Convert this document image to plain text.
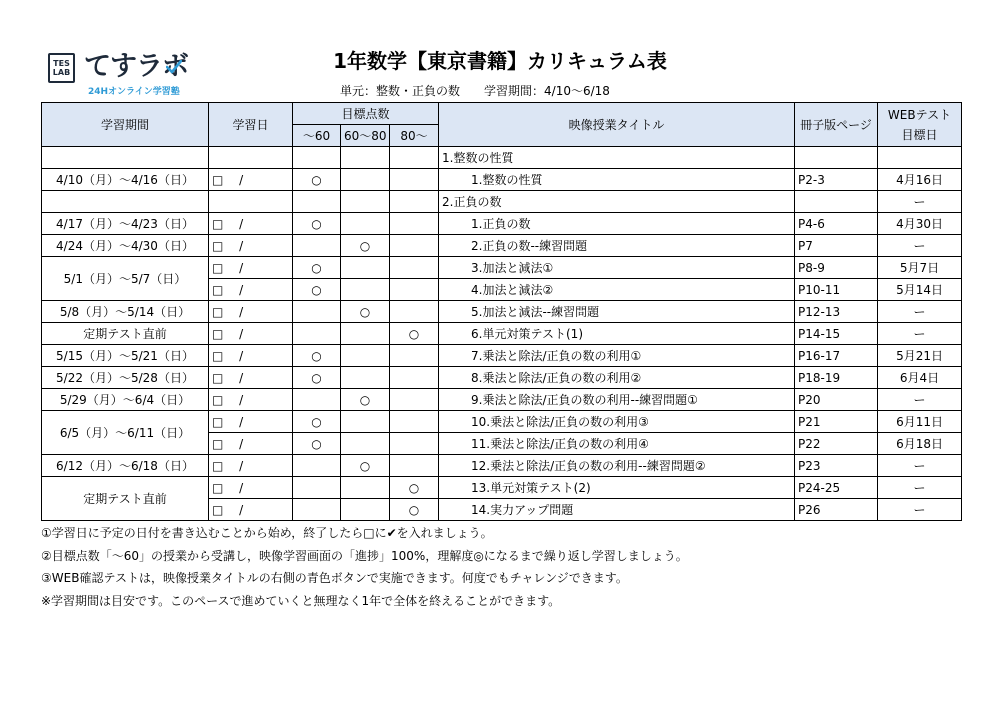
TES LAB てすラボ
24Hオンライン学習塾
1年数学【東京書籍】カリキュラム表
単元：整数・正負の数 学習期間：4/10〜6/18
学習期間	学習日	目標点数			映像授業タイトル	冊子版ページ	WEBテスト
目標日

		〜60	60〜80	80〜			
					1.整数の性質		
4/10（月）〜4/16（日）	□　 /	○			1.整数の性質	P2-3	4月16日
					2.正負の数		ー
4/17（月）〜4/23（日）	□　 /	○			1.正負の数	P4-6	4月30日
4/24（月）〜4/30（日）	□　 /		○		2.正負の数--練習問題	P7	ー
5/1（月）〜5/7（日）	□　 /	○			3.加法と減法①	P8-9	5月7日
	□　 /	○			4.加法と減法②	P10-11	5月14日
5/8（月）〜5/14（日）	□　 /		○		5.加法と減法--練習問題	P12-13	ー
定期テスト直前	□　 /			○	6.単元対策テスト(1)	P14-15	ー
5/15（月）〜5/21（日）	□　 /	○			7.乗法と除法/正負の数の利用①	P16-17	5月21日
5/22（月）〜5/28（日）	□　 /	○			8.乗法と除法/正負の数の利用②	P18-19	6月4日
5/29（月）〜6/4（日）	□　 /		○		9.乗法と除法/正負の数の利用--練習問題①	P20	ー
6/5（月）〜6/11（日）	□　 /	○			10.乗法と除法/正負の数の利用③	P21	6月11日
	□　 /	○			11.乗法と除法/正負の数の利用④	P22	6月18日
6/12（月）〜6/18（日）	□　 /		○		12.乗法と除法/正負の数の利用--練習問題②	P23	ー
定期テスト直前	□　 /			○	13.単元対策テスト(2)	P24-25	ー
	□　 /			○	14.実力アップ問題	P26	ー
①学習日に予定の日付を書き込むことから始め，終了したら□に✔を入れましょう。
②目標点数「〜60」の授業から受講し，映像学習画面の「進捗」100%，理解度◎になるまで繰り返し学習しましょう。
③WEB確認テストは，映像授業タイトルの右側の青色ボタンで実施できます。何度でもチャレンジできます。
※学習期間は目安です。このペースで進めていくと無理なく1年で全体を終えることができます。
